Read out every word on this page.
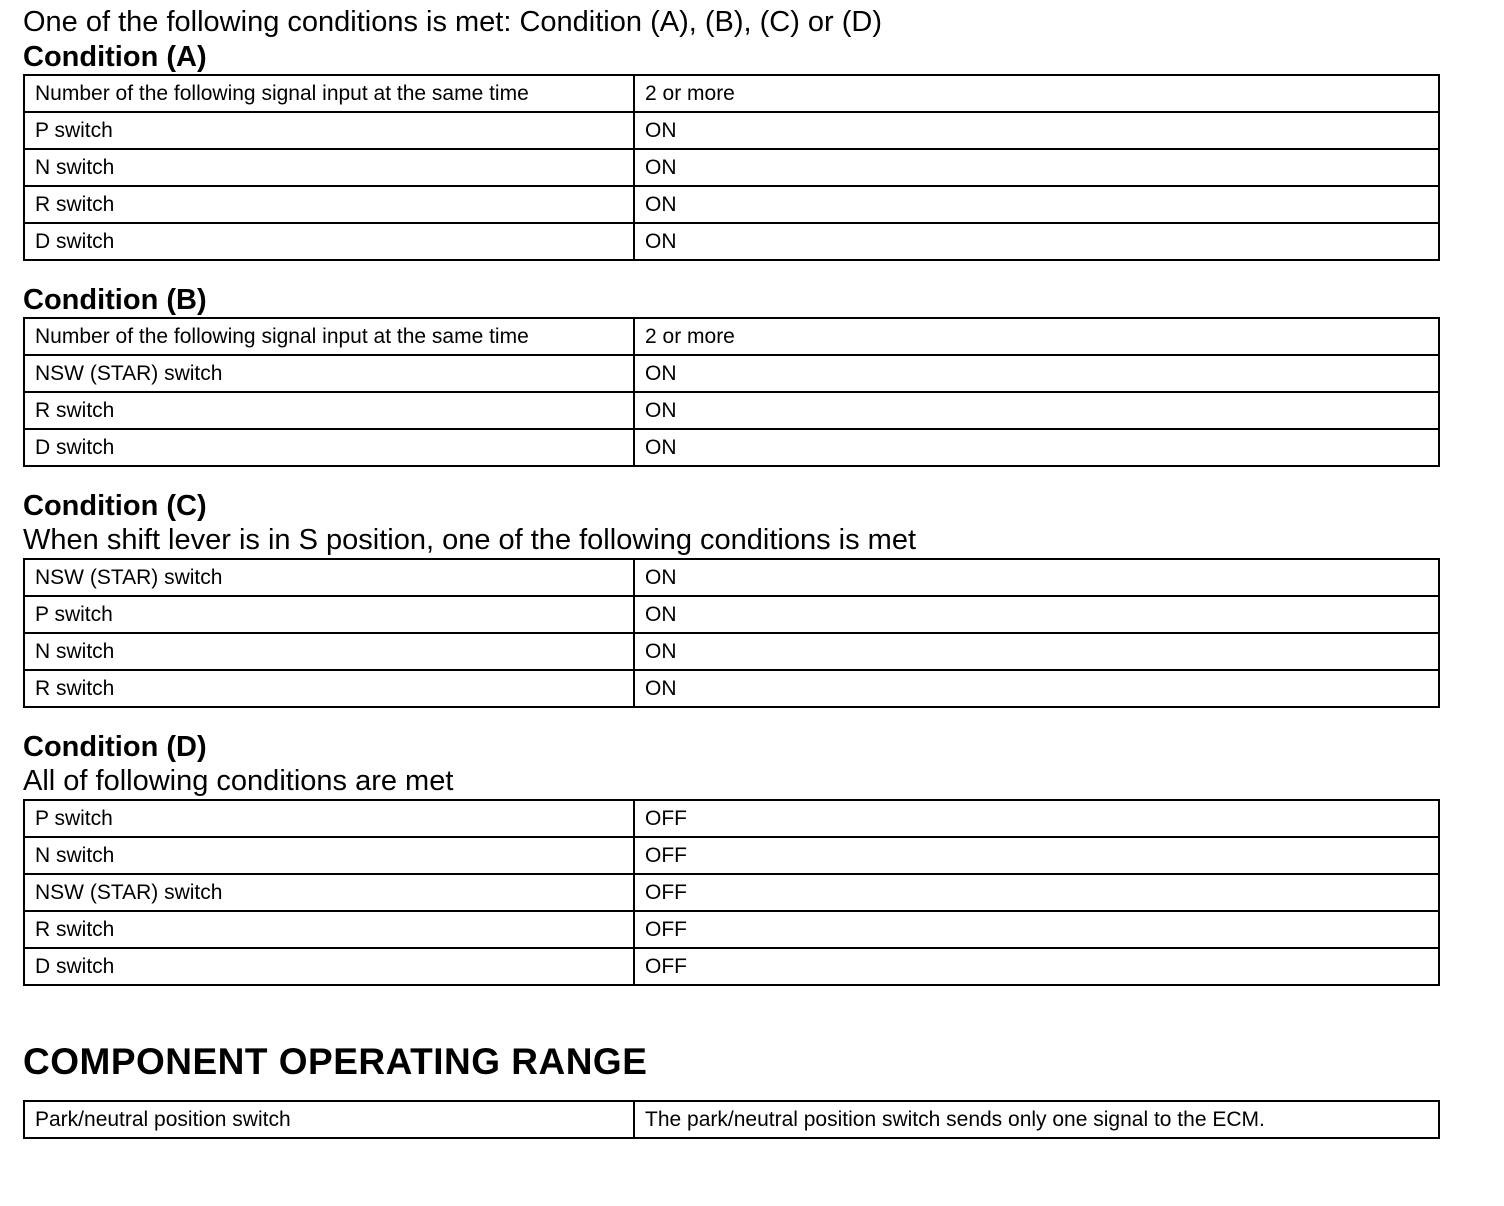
One of the following conditions is met: Condition (A), (B), (C) or (D)
Condition (A)
Number of the following signal input at the same time	2 or more
P switch	ON
N switch	ON
R switch	ON
D switch	ON
Condition (B)
Number of the following signal input at the same time	2 or more
NSW (STAR) switch	ON
R switch	ON
D switch	ON
Condition (C)
When shift lever is in S position, one of the following conditions is met
NSW (STAR) switch	ON
P switch	ON
N switch	ON
R switch	ON
Condition (D)
All of following conditions are met
P switch	OFF
N switch	OFF
NSW (STAR) switch	OFF
R switch	OFF
D switch	OFF
COMPONENT OPERATING RANGE
Park/neutral position switch	The park/neutral position switch sends only one signal to the ECM.
